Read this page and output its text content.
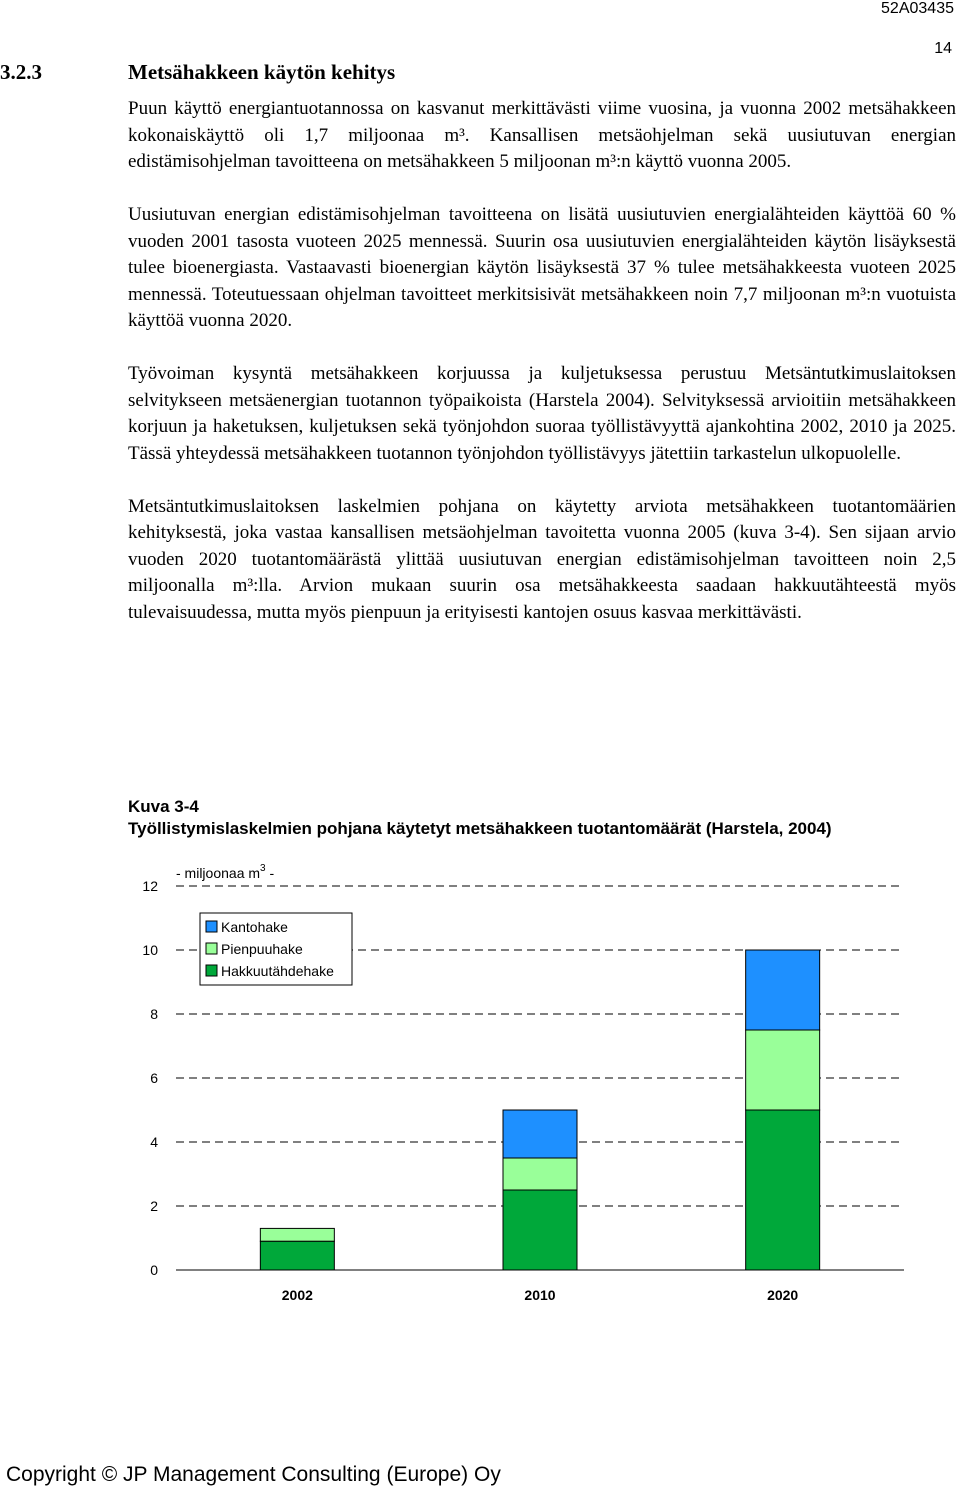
52A03435
14
3.2.3	Metsähakkeen käytön kehitys

Puun käyttö energiantuotannossa on kasvanut merkittävästi viime vuosina, ja vuonna 2002 metsähakkeen kokonaiskäyttö oli 1,7 miljoonaa m³. Kansallisen metsäohjelman sekä uusiutuvan energian edistämisohjelman tavoitteena on metsähakkeen 5 miljoonan m³:n käyttö vuonna 2005.

Uusiutuvan energian edistämisohjelman tavoitteena on lisätä uusiutuvien energialähteiden käyttöä 60 % vuoden 2001 tasosta vuoteen 2025 mennessä. Suurin osa uusiutuvien energialähteiden käytön lisäyksestä tulee bioenergiasta. Vastaavasti bioenergian käytön lisäyksestä 37 % tulee metsähakkeesta vuoteen 2025 mennessä. Toteutuessaan ohjelman tavoitteet merkitsisivät metsähakkeen noin 7,7 miljoonan m³:n vuotuista käyttöä vuonna 2020.

Työvoiman kysyntä metsähakkeen korjuussa ja kuljetuksessa perustuu Metsäntutkimuslaitoksen selvitykseen metsäenergian tuotannon työpaikoista (Harstela 2004). Selvityksessä arvioitiin metsähakkeen korjuun ja haketuksen, kuljetuksen sekä työnjohdon suoraa työllistävyyttä ajankohtina 2002, 2010 ja 2025. Tässä yhteydessä metsähakkeen tuotannon työnjohdon työllistävyys jätettiin tarkastelun ulkopuolelle.

Metsäntutkimuslaitoksen laskelmien pohjana on käytetty arviota metsähakkeen tuotantomäärien kehityksestä, joka vastaa kansallisen metsäohjelman tavoitetta vuonna 2005 (kuva 3-4). Sen sijaan arvio vuoden 2020 tuotantomäärästä ylittää uusiutuvan energian edistämisohjelman tavoitteen noin 2,5 miljoonalla m³:lla. Arvion mukaan suurin osa metsähakkeesta saadaan hakkuutähteestä myös tulevaisuudessa, mutta myös pienpuun ja erityisesti kantojen osuus kasvaa merkittävästi.

Kuva 3-4
Työllistymislaskelmien pohjana käytetyt metsähakkeen tuotantomäärät (Harstela, 2004)
0
2
4
6
8
10
12
2002	2010	2020
- miljoonaa $m^3$ -
Kantohake
Pienpuuhake
Hakkuutähdehake
Copyright © JP Management Consulting (Europe) Oy
